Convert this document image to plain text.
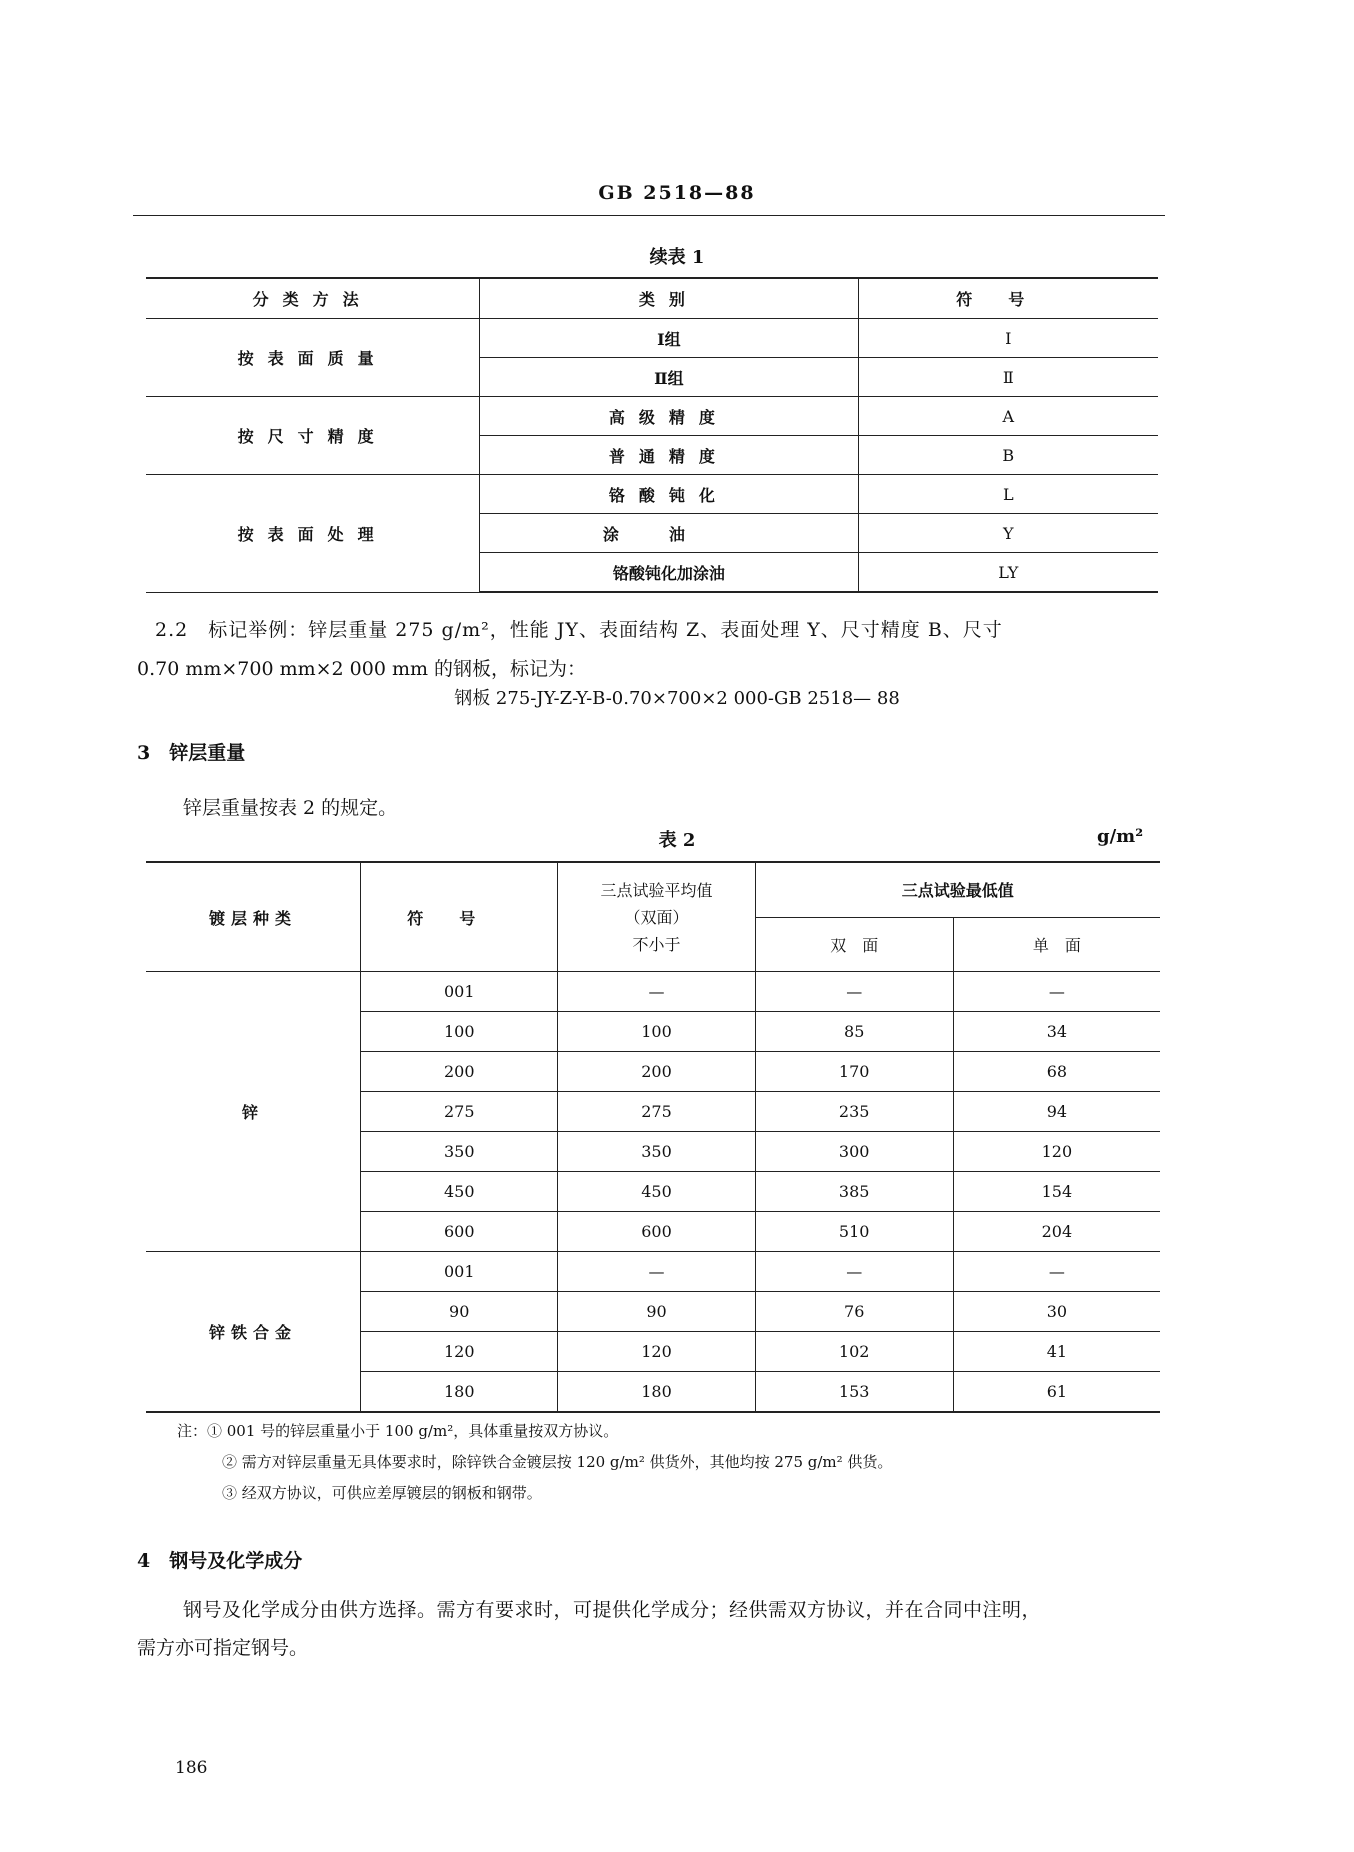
GB 2518—88
续表 1
分类方法	类别	符号
按表面质量	Ⅰ组	Ⅰ
	Ⅱ组	Ⅱ
按尺寸精度	高级精度	A
	普通精度	B
按表面处理	铬酸钝化	L
	涂油	Y
	铬酸钝化加涂油	LY
2.2　标记举例：锌层重量 275 g/m²，性能 JY、表面结构 Z、表面处理 Y、尺寸精度 B、尺寸
0.70 mm×700 mm×2 000 mm 的钢板，标记为：
钢板 275-JY-Z-Y-B-0.70×700×2 000-GB 2518— 88
3　锌层重量
锌层重量按表 2 的规定。
表 2	g/m²
镀层种类	符号	三点试验平均值
（双面）
不小于	三点试验最低值	
			双　面	单　面
锌	001	—	—	—
	100	100	85	34
	200	200	170	68
	275	275	235	94
	350	350	300	120
	450	450	385	154
	600	600	510	204
锌铁合金	001	—	—	—
	90	90	76	30
	120	120	102	41
	180	180	153	61
注：① 001 号的锌层重量小于 100 g/m²，具体重量按双方协议。
② 需方对锌层重量无具体要求时，除锌铁合金镀层按 120 g/m² 供货外，其他均按 275 g/m² 供货。
③ 经双方协议，可供应差厚镀层的钢板和钢带。
4　钢号及化学成分
钢号及化学成分由供方选择。需方有要求时，可提供化学成分；经供需双方协议，并在合同中注明，
需方亦可指定钢号。
186
